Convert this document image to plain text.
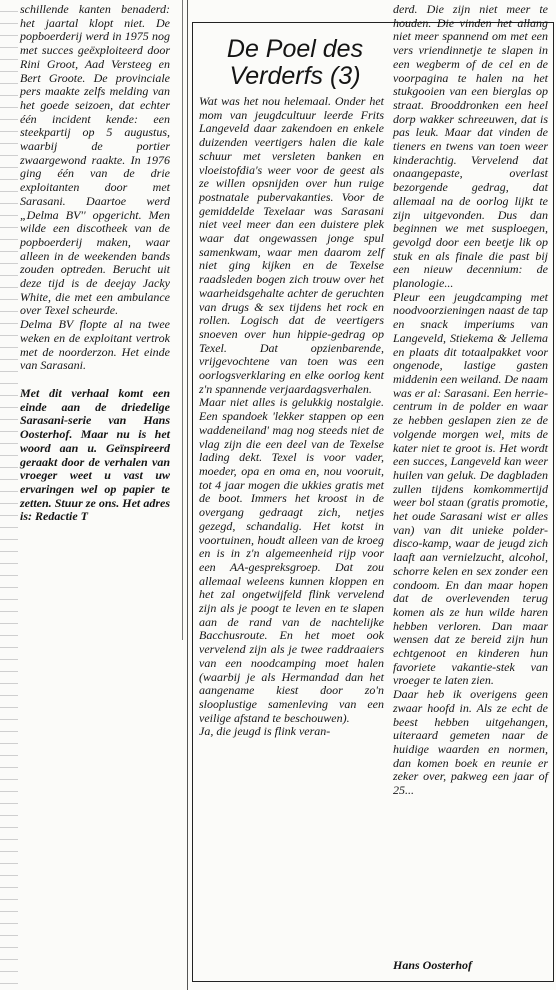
schillende kanten benaderd: het jaartal klopt niet. De popboerderij werd in 1975 nog met succes geëxploiteerd door Rini Groot, Aad Versteeg en Bert Groote. De provinciale pers maakte zelfs melding van het goede seizoen, dat echter één incident kende: een steekpartij op 5 augustus, waarbij de portier zwaargewond raakte. In 1976 ging één van de drie exploitanten door met Sarasani. Daartoe werd „Delma BV'' opgericht. Men wilde een discotheek van de popboerderij maken, waar alleen in de weekenden bands zouden optreden. Berucht uit deze tijd is de deejay Jacky White, die met een ambulance over Texel scheurde.

Delma BV flopte al na twee weken en de exploitant vertrok met de noorderzon. Het einde van Sarasani.

Met dit verhaal komt een einde aan de driedelige Sarasani-serie van Hans Oosterhof. Maar nu is het woord aan u. Geïnspireerd geraakt door de verhalen van vroeger weet u vast uw ervaringen wel op papier te zetten. Stuur ze ons. Het adres is: Redactie T

De Poel des Verderfs (3)

Wat was het nou helemaal. Onder het mom van jeugdcultuur leerde Frits Langeveld daar zakendoen en enkele duizenden veertigers halen die kale schuur met versleten banken en vloeistofdia's weer voor de geest als ze willen opsnijden over hun ruige postnatale pubervakanties. Voor de gemiddelde Texelaar was Sarasani niet veel meer dan een duistere plek waar dat ongewassen jonge spul samenkwam, waar men daarom zelf niet ging kijken en de Texelse raadsleden bogen zich trouw over het waarheidsgehalte achter de geruchten van drugs & sex tijdens het rock en rollen. Logisch dat de veertigers snoeven over hun hippie-gedrag op Texel. Dat opzienbarende, vrijgevochtene van toen was een oorlogsverklaring en elke oorlog kent z'n spannende verjaardagsverhalen.

Maar niet alles is gelukkig nostalgie. Een spandoek 'lekker stappen op een waddeneiland' mag nog steeds niet de vlag zijn die een deel van de Texelse lading dekt. Texel is voor vader, moeder, opa en oma en, nou vooruit, tot 4 jaar mogen die ukkies gratis met de boot. Immers het kroost in de overgang gedraagt zich, netjes gezegd, schandalig. Het kotst in voortuinen, houdt alleen van de kroeg en is in z'n algemeenheid rijp voor een AA-gespreksgroep. Dat zou allemaal weleens kunnen kloppen en het zal ongetwijfeld flink vervelend zijn als je poogt te leven en te slapen aan de rand van de nachtelijke Bacchusroute. En het moet ook vervelend zijn als je twee raddraaiers van een noodcamping moet halen (waarbij je als Hermandad dan het aangename kiest door zo'n slooplustige samenleving van een veilige afstand te beschouwen).

Ja, die jeugd is flink veran-

derd. Die zijn niet meer te houden. Die vinden het allang niet meer spannend om met een vers vriendinnetje te slapen in een wegberm of de cel en de voorpagina te halen na het stukgooien van een bierglas op straat. Brooddronken een heel dorp wakker schreeuwen, dat is pas leuk. Maar dat vinden de tieners en twens van toen weer kinderachtig. Vervelend dat onaangepaste, overlast bezorgende gedrag, dat allemaal na de oorlog lijkt te zijn uitgevonden. Dus dan beginnen we met susploegen, gevolgd door een beetje lik op stuk en als finale die past bij een nieuw decennium: de planologie...

Pleur een jeugdcamping met noodvoorzieningen naast de tap en snack imperiums van Langeveld, Stiekema & Jellema en plaats dit totaalpakket voor ongenode, lastige gasten middenin een weiland. De naam was er al: Sarasani. Een herrie-centrum in de polder en waar ze hebben geslapen zien ze de volgende morgen wel, mits de kater niet te groot is. Het wordt een succes, Langeveld kan weer huilen van geluk. De dagbladen zullen tijdens komkommertijd weer bol staan (gratis promotie, het oude Sarasani wist er alles van) van dit unieke polder-disco-kamp, waar de jeugd zich laaft aan vernielzucht, alcohol, schorre kelen en sex zonder een condoom. En dan maar hopen dat de overlevenden terug komen als ze hun wilde haren hebben verloren. Dan maar wensen dat ze bereid zijn hun echtgenoot en kinderen hun favoriete vakantie-stek van vroeger te laten zien.

Daar heb ik overigens geen zwaar hoofd in. Als ze echt de beest hebben uitgehangen, uiteraard gemeten naar de huidige waarden en normen, dan komen boek en reunie er zeker over, pakweg een jaar of 25...

Hans Oosterhof
